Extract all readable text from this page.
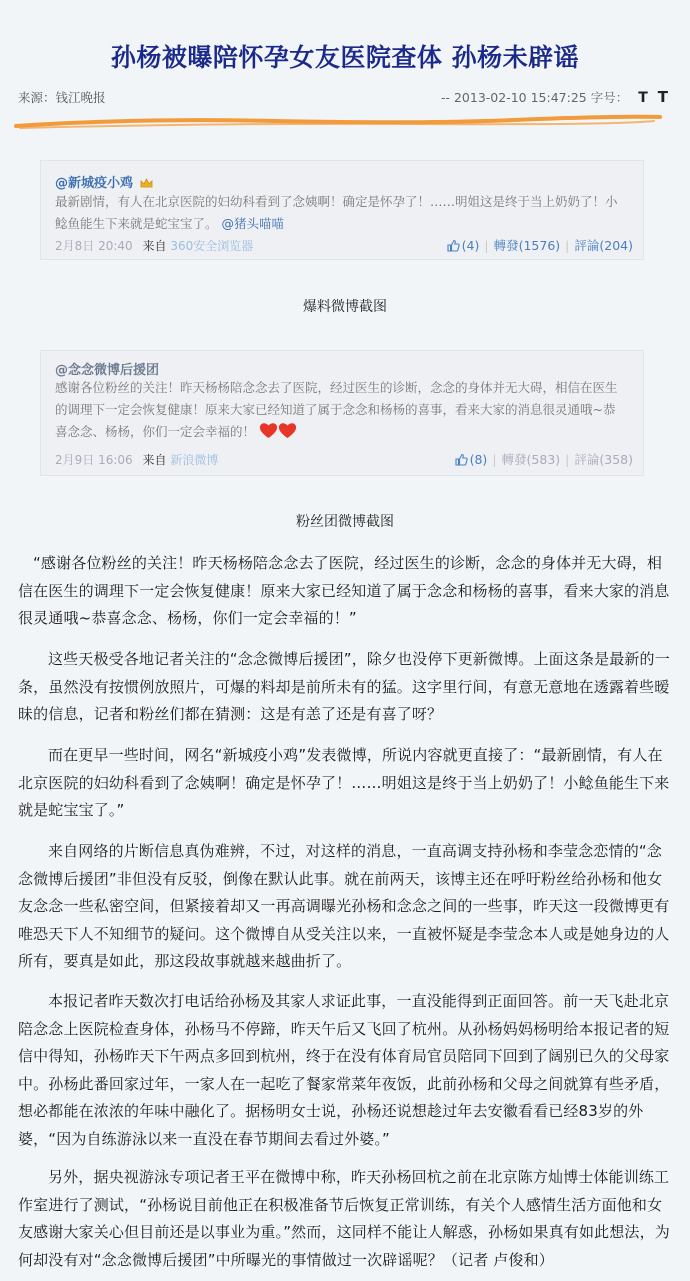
孙杨被曝陪怀孕女友医院查体 孙杨未辟谣
来源：钱江晚报	-- 2013-02-10 15:47:25 字号： T T
@新城疫小鸡
最新剧情，有人在北京医院的妇幼科看到了念姨啊！确定是怀孕了！……明姐这是终于当上奶奶了！小鲶鱼能生下来就是蛇宝宝了。 @猪头喵喵
2月8日 20:40 来自 360安全浏览器	(4) | 轉發(1576) | 評論(204)
爆料微博截图
@念念微博后援团
感谢各位粉丝的关注！昨天杨杨陪念念去了医院，经过医生的诊断，念念的身体并无大碍，相信在医生的调理下一定会恢复健康！原来大家已经知道了属于念念和杨杨的喜事，看来大家的消息很灵通哦~恭喜念念、杨杨，你们一定会幸福的！
2月9日 16:06 来自 新浪微博	(8) | 轉發(583) | 評論(358)
粉丝团微博截图
“感谢各位粉丝的关注！昨天杨杨陪念念去了医院，经过医生的诊断，念念的身体并无大碍，相信在医生的调理下一定会恢复健康！原来大家已经知道了属于念念和杨杨的喜事，看来大家的消息很灵通哦~恭喜念念、杨杨，你们一定会幸福的！”
这些天极受各地记者关注的“念念微博后援团”，除夕也没停下更新微博。上面这条是最新的一条，虽然没有按惯例放照片，可爆的料却是前所未有的猛。这字里行间，有意无意地在透露着些暧昧的信息，记者和粉丝们都在猜测：这是有恙了还是有喜了呀？
而在更早一些时间，网名“新城疫小鸡”发表微博，所说内容就更直接了：“最新剧情，有人在北京医院的妇幼科看到了念姨啊！确定是怀孕了！……明姐这是终于当上奶奶了！小鲶鱼能生下来就是蛇宝宝了。”
来自网络的片断信息真伪难辨，不过，对这样的消息，一直高调支持孙杨和李莹念恋情的“念念微博后援团”非但没有反驳，倒像在默认此事。就在前两天，该博主还在呼吁粉丝给孙杨和他女友念念一些私密空间，但紧接着却又一再高调曝光孙杨和念念之间的一些事，昨天这一段微博更有唯恐天下人不知细节的疑问。这个微博自从受关注以来，一直被怀疑是李莹念本人或是她身边的人所有，要真是如此，那这段故事就越来越曲折了。
本报记者昨天数次打电话给孙杨及其家人求证此事，一直没能得到正面回答。前一天飞赴北京陪念念上医院检查身体，孙杨马不停蹄，昨天午后又飞回了杭州。从孙杨妈妈杨明给本报记者的短信中得知，孙杨昨天下午两点多回到杭州，终于在没有体育局官员陪同下回到了阔别已久的父母家中。孙杨此番回家过年，一家人在一起吃了餐家常菜年夜饭，此前孙杨和父母之间就算有些矛盾，想必都能在浓浓的年味中融化了。据杨明女士说，孙杨还说想趁过年去安徽看看已经83岁的外婆，“因为自练游泳以来一直没在春节期间去看过外婆。”
另外，据央视游泳专项记者王平在微博中称，昨天孙杨回杭之前在北京陈方灿博士体能训练工作室进行了测试，“孙杨说目前他正在积极准备节后恢复正常训练，有关个人感情生活方面他和女友感谢大家关心但目前还是以事业为重。”然而，这同样不能让人解惑，孙杨如果真有如此想法，为何却没有对“念念微博后援团”中所曝光的事情做过一次辟谣呢？（记者 卢俊和）
